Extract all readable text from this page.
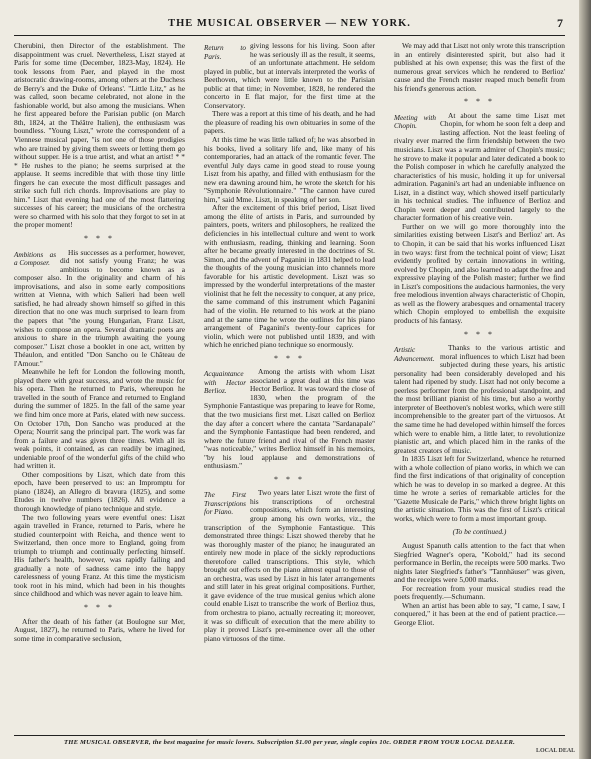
THE MUSICAL OBSERVER — NEW YORK.	7

Cherubini, then Director of the establishment. The disappointment was cruel. Nevertheless, Liszt stayed at Paris for some time (December, 1823-May, 1824). He took lessons from Paer, and played in the most aristocratic drawing-rooms, among others at the Duchess de Berry's and the Duke of Orleans'. "Little Litz," as he was called, soon became celebrated, not alone in the fashionable world, but also among the musicians. When he first appeared before the Parisian public (on March 8th, 1824, at the Théâtre Italien), the enthusiasm was boundless. "Young Liszt," wrote the correspondent of a Viennese musical paper, "is not one of those prodigies who are trained by giving them sweets or letting them go without supper. He is a true artist, and what an artist! * * * He rushes to the piano; he seems surprised at the applause. It seems incredible that with those tiny little fingers he can execute the most difficult passages and strike such full rich chords. Improvisations are play to him." Liszt that evening had one of the most flattering successes of his career; the musicians of the orchestra were so charmed with his solo that they forgot to set in at the proper moment!

* * *

Ambitions as a Composer.
His successes as a performer, however, did not satisfy young Franz; he was ambitious to become known as a composer also. In the originality and charm of his improvisations, and also in some early compositions written at Vienna, with which Salieri had been well satisfied, he had already shown himself so gifted in this direction that no one was much surprised to learn from the papers that "the young Hungarian, Franz Liszt, wishes to compose an opera. Several dramatic poets are anxious to share in the triumph awaiting the young composer." Liszt chose a booklet in one act, written by Théaulon, and entitled "Don Sancho ou le Château de l'Amour."

Meanwhile he left for London the following month, played there with great success, and wrote the music for his opera. Then he returned to Paris, whereupon he travelled in the south of France and returned to England during the summer of 1825. In the fall of the same year we find him once more at Paris, elated with new success. On October 17th, Don Sancho was produced at the Opera; Nourrit sang the principal part. The work was far from a failure and was given three times. With all its weak points, it contained, as can readily be imagined, undeniable proof of the wonderful gifts of the child who had written it.

Other compositions by Liszt, which date from this epoch, have been preserved to us: an Impromptu for piano (1824), an Allegro di bravura (1825), and some Etudes in twelve numbers (1826). All evidence a thorough knowledge of piano technique and style.

The two following years were eventful ones: Liszt again travelled in France, returned to Paris, where he studied counterpoint with Reicha, and thence went to Switzerland, then once more to England, going from triumph to triumph and continually perfecting himself. His father's health, however, was rapidly failing and gradually a note of sadness came into the happy carelessness of young Franz. At this time the mysticism took root in his mind, which had been in his thoughts since childhood and which was never again to leave him.

* * *

After the death of his father (at Boulogne sur Mer, August, 1827), he returned to Paris, where he lived for some time in comparative seclusion,

Return to Paris.
giving lessons for his living. Soon after he was seriously ill as the result, it seems, of an unfortunate attachment. He seldom played in public, but at intervals interpreted the works of Beethoven, which were little known to the Parisian public at that time; in November, 1828, he rendered the concerto in E flat major, for the first time at the Conservatory.

There was a report at this time of his death, and he had the pleasure of reading his own obituaries in some of the papers.

At this time he was little talked of; he was absorbed in his books, lived a solitary life and, like many of his contemporaries, had an attack of the romantic fever. The eventful July days came in good stead to rouse young Liszt from his apathy, and filled with enthusiasm for the new era dawning around him, he wrote the sketch for his "Symphonie Révolutionnaire." "The cannon have cured him," said Mme. Liszt, in speaking of her son.

After the excitement of this brief period, Liszt lived among the élite of artists in Paris, and surrounded by painters, poets, writers and philosophers, he realized the deficiencies in his intellectual culture and went to work with enthusiasm, reading, thinking and learning. Soon after he became greatly interested in the doctrines of St. Simon, and the advent of Paganini in 1831 helped to lead the thoughts of the young musician into channels more favorable for his artistic development. Liszt was so impressed by the wonderful interpretations of the master violinist that he felt the necessity to conquer, at any price, the same command of this instrument which Paganini had of the violin. He returned to his work at the piano and at the same time he wrote the outlines for his piano arrangement of Paganini's twenty-four caprices for violin, which were not published until 1839, and with which he enriched piano technique so enormously.

* * *

Acquaintance with Hector Berlioz.
Among the artists with whom Liszt associated a great deal at this time was Hector Berlioz. It was toward the close of 1830, when the program of the Symphonie Fantastique was preparing to leave for Rome, that the two musicians first met. Liszt called on Berlioz the day after a concert where the cantata "Sardanapale" and the Symphonie Fantastique had been rendered, and where the future friend and rival of the French master "was noticeable," writes Berlioz himself in his memoirs, "by his loud applause and demonstrations of enthusiasm."

* * *

The First Transcriptions for Piano.
Two years later Liszt wrote the first of his transcriptions of orchestral compositions, which form an interesting group among his own works, viz., the transcription of the Symphonie Fantastique. This demonstrated three things: Liszt showed thereby that he was thoroughly master of the piano; he inaugurated an entirely new mode in place of the sickly reproductions theretofore called transcriptions. This style, which brought out effects on the piano almost equal to those of an orchestra, was used by Liszt in his later arrangements and still later in his great original compositions. Further, it gave evidence of the true musical genius which alone could enable Liszt to transcribe the work of Berlioz thus, from orchestra to piano, actually recreating it; moreover, it was so difficult of execution that the mere ability to play it proved Liszt's pre-eminence over all the other piano virtuosos of the time.

We may add that Liszt not only wrote this transcription in an entirely disinterested spirit, but also had it published at his own expense; this was the first of the numerous great services which he rendered to Berlioz' cause and the French master reaped much benefit from his friend's generous action.

* * *

Meeting with Chopin.
At about the same time Liszt met Chopin, for whom he soon felt a deep and lasting affection. Not the least feeling of rivalry ever marred the firm friendship between the two musicians. Liszt was a warm admirer of Chopin's music; he strove to make it popular and later dedicated a book to the Polish composer in which he carefully analyzed the characteristics of his music, holding it up for universal admiration. Paganini's art had an undeniable influence on Liszt, in a distinct way, which showed itself particularly in his technical studies. The influence of Berlioz and Chopin went deeper and contributed largely to the character formation of his creative vein.

Further on we will go more thoroughly into the similarities existing between Liszt's and Berlioz' art. As to Chopin, it can be said that his works influenced Liszt in two ways: first from the technical point of view; Liszt evidently profited by certain innovations in writing, evolved by Chopin, and also learned to adapt the free and expressive playing of the Polish master; further we find in Liszt's compositions the audacious harmonies, the very free melodious invention always characteristic of Chopin, as well as the flowery arabesques and ornamental tracery which Chopin employed to embellish the exquisite products of his fantasy.

* * *

Artistic Advancement.
Thanks to the various artistic and moral influences to which Liszt had been subjected during these years, his artistic personality had been considerably developed and his talent had ripened by study. Liszt had not only become a peerless performer from the professional standpoint, and the most brilliant pianist of his time, but also a worthy interpreter of Beethoven's noblest works, which were still incomprehensible to the greater part of the virtuosos. At the same time he had developed within himself the forces which were to enable him, a little later, to revolutionize pianistic art, and which placed him in the ranks of the greatest creators of music.

In 1835 Liszt left for Switzerland, whence he returned with a whole collection of piano works, in which we can find the first indications of that originality of conception which he was to develop in so marked a degree. At this time he wrote a series of remarkable articles for the "Gazette Musicale de Paris," which threw bright lights on the artistic situation. This was the first of Liszt's critical works, which were to form a most important group.

(To be continued.)

August Spanuth calls attention to the fact that when Siegfried Wagner's opera, "Kobold," had its second performance in Berlin, the receipts were 500 marks. Two nights later Siegfried's father's "Tannhäuser" was given, and the receipts were 5,000 marks.

For recreation from your musical studies read the poets frequently.—Schumann.

When an artist has been able to say, "I came, I saw, I conquered," it has been at the end of patient practice.—George Eliot.

THE MUSICAL OBSERVER, the best magazine for music lovers. Subscription $1.00 per year, single copies 10c. ORDER FROM YOUR LOCAL DEALER.
LOCAL DEAL
